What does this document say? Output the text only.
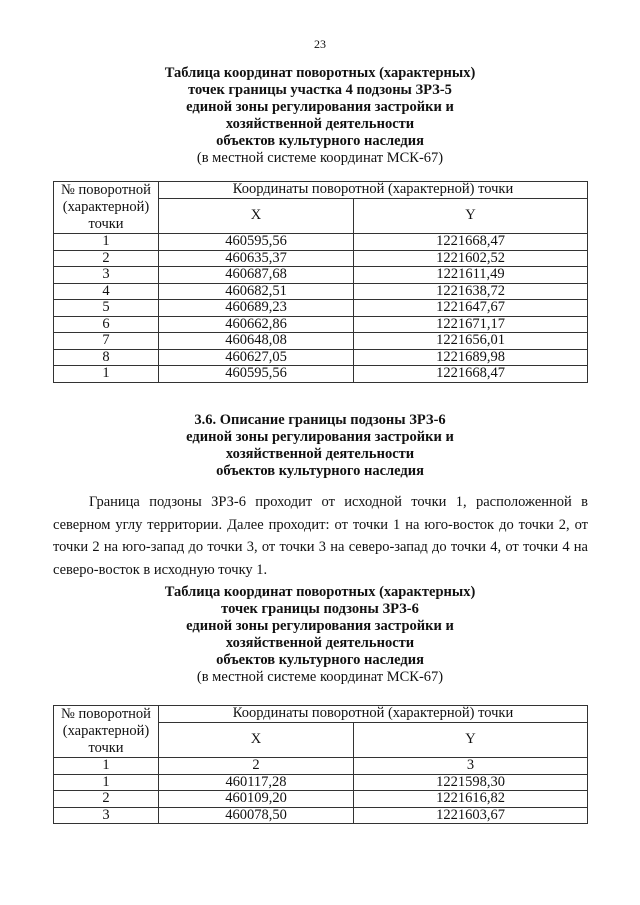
23
Таблица координат поворотных (характерных)
точек границы участка 4 подзоны ЗРЗ-5
единой зоны регулирования застройки и
хозяйственной деятельности
объектов культурного наследия
(в местной системе координат МСК-67)
№ поворотной (характерной) точки	Координаты поворотной (характерной) точки	
	X	Y
1	460595,56	1221668,47
2	460635,37	1221602,52
3	460687,68	1221611,49
4	460682,51	1221638,72
5	460689,23	1221647,67
6	460662,86	1221671,17
7	460648,08	1221656,01
8	460627,05	1221689,98
1	460595,56	1221668,47
3.6. Описание границы подзоны ЗРЗ-6
единой зоны регулирования застройки и
хозяйственной деятельности
объектов культурного наследия
Граница подзоны ЗРЗ-6 проходит от исходной точки 1, расположенной в северном углу территории. Далее проходит: от точки 1 на юго-восток до точки 2, от точки 2 на юго-запад до точки 3, от точки 3 на северо-запад до точки 4, от точки 4 на северо-восток в исходную точку 1.
Таблица координат поворотных (характерных)
точек границы подзоны ЗРЗ-6
единой зоны регулирования застройки и
хозяйственной деятельности
объектов культурного наследия
(в местной системе координат МСК-67)
№ поворотной (характерной) точки	Координаты поворотной (характерной) точки	
	X	Y
1	2	3
1	460117,28	1221598,30
2	460109,20	1221616,82
3	460078,50	1221603,67
